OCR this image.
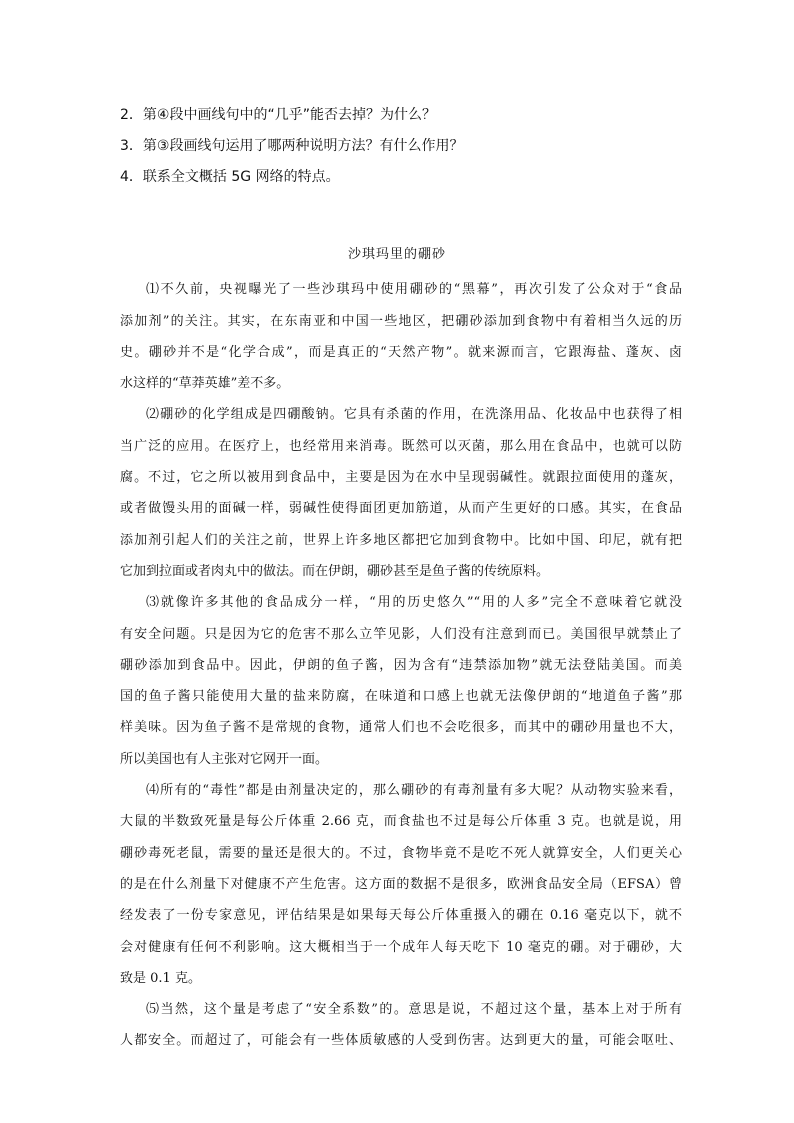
2．第④段中画线句中的“几乎”能否去掉？为什么？
3．第③段画线句运用了哪两种说明方法？有什么作用？
4．联系全文概括 5G 网络的特点。
沙琪玛里的硼砂
⑴不久前，央视曝光了一些沙琪玛中使用硼砂的“黑幕”，再次引发了公众对于“食品
添加剂”的关注。其实，在东南亚和中国一些地区，把硼砂添加到食物中有着相当久远的历
史。硼砂并不是“化学合成”，而是真正的“天然产物”。就来源而言，它跟海盐、蓬灰、卤
水这样的“草莽英雄”差不多。
⑵硼砂的化学组成是四硼酸钠。它具有杀菌的作用，在洗涤用品、化妆品中也获得了相
当广泛的应用。在医疗上，也经常用来消毒。既然可以灭菌，那么用在食品中，也就可以防
腐。不过，它之所以被用到食品中，主要是因为在水中呈现弱碱性。就跟拉面使用的蓬灰，
或者做馒头用的面碱一样，弱碱性使得面团更加筋道，从而产生更好的口感。其实，在食品
添加剂引起人们的关注之前，世界上许多地区都把它加到食物中。比如中国、印尼，就有把
它加到拉面或者肉丸中的做法。而在伊朗，硼砂甚至是鱼子酱的传统原料。
⑶就像许多其他的食品成分一样，“用的历史悠久”“用的人多”完全不意味着它就没
有安全问题。只是因为它的危害不那么立竿见影，人们没有注意到而已。美国很早就禁止了
硼砂添加到食品中。因此，伊朗的鱼子酱，因为含有“违禁添加物”就无法登陆美国。而美
国的鱼子酱只能使用大量的盐来防腐，在味道和口感上也就无法像伊朗的“地道鱼子酱”那
样美味。因为鱼子酱不是常规的食物，通常人们也不会吃很多，而其中的硼砂用量也不大，
所以美国也有人主张对它网开一面。
⑷所有的“毒性”都是由剂量决定的，那么硼砂的有毒剂量有多大呢？从动物实验来看，
大鼠的半数致死量是每公斤体重 2.66 克，而食盐也不过是每公斤体重 3 克。也就是说，用
硼砂毒死老鼠，需要的量还是很大的。不过，食物毕竟不是吃不死人就算安全，人们更关心
的是在什么剂量下对健康不产生危害。这方面的数据不是很多，欧洲食品安全局（EFSA）曾
经发表了一份专家意见，评估结果是如果每天每公斤体重摄入的硼在 0.16 毫克以下，就不
会对健康有任何不利影响。这大概相当于一个成年人每天吃下 10 毫克的硼。对于硼砂，大
致是 0.1 克。
⑸当然，这个量是考虑了“安全系数”的。意思是说，不超过这个量，基本上对于所有
人都安全。而超过了，可能会有一些体质敏感的人受到伤害。达到更大的量，可能会呕吐、
